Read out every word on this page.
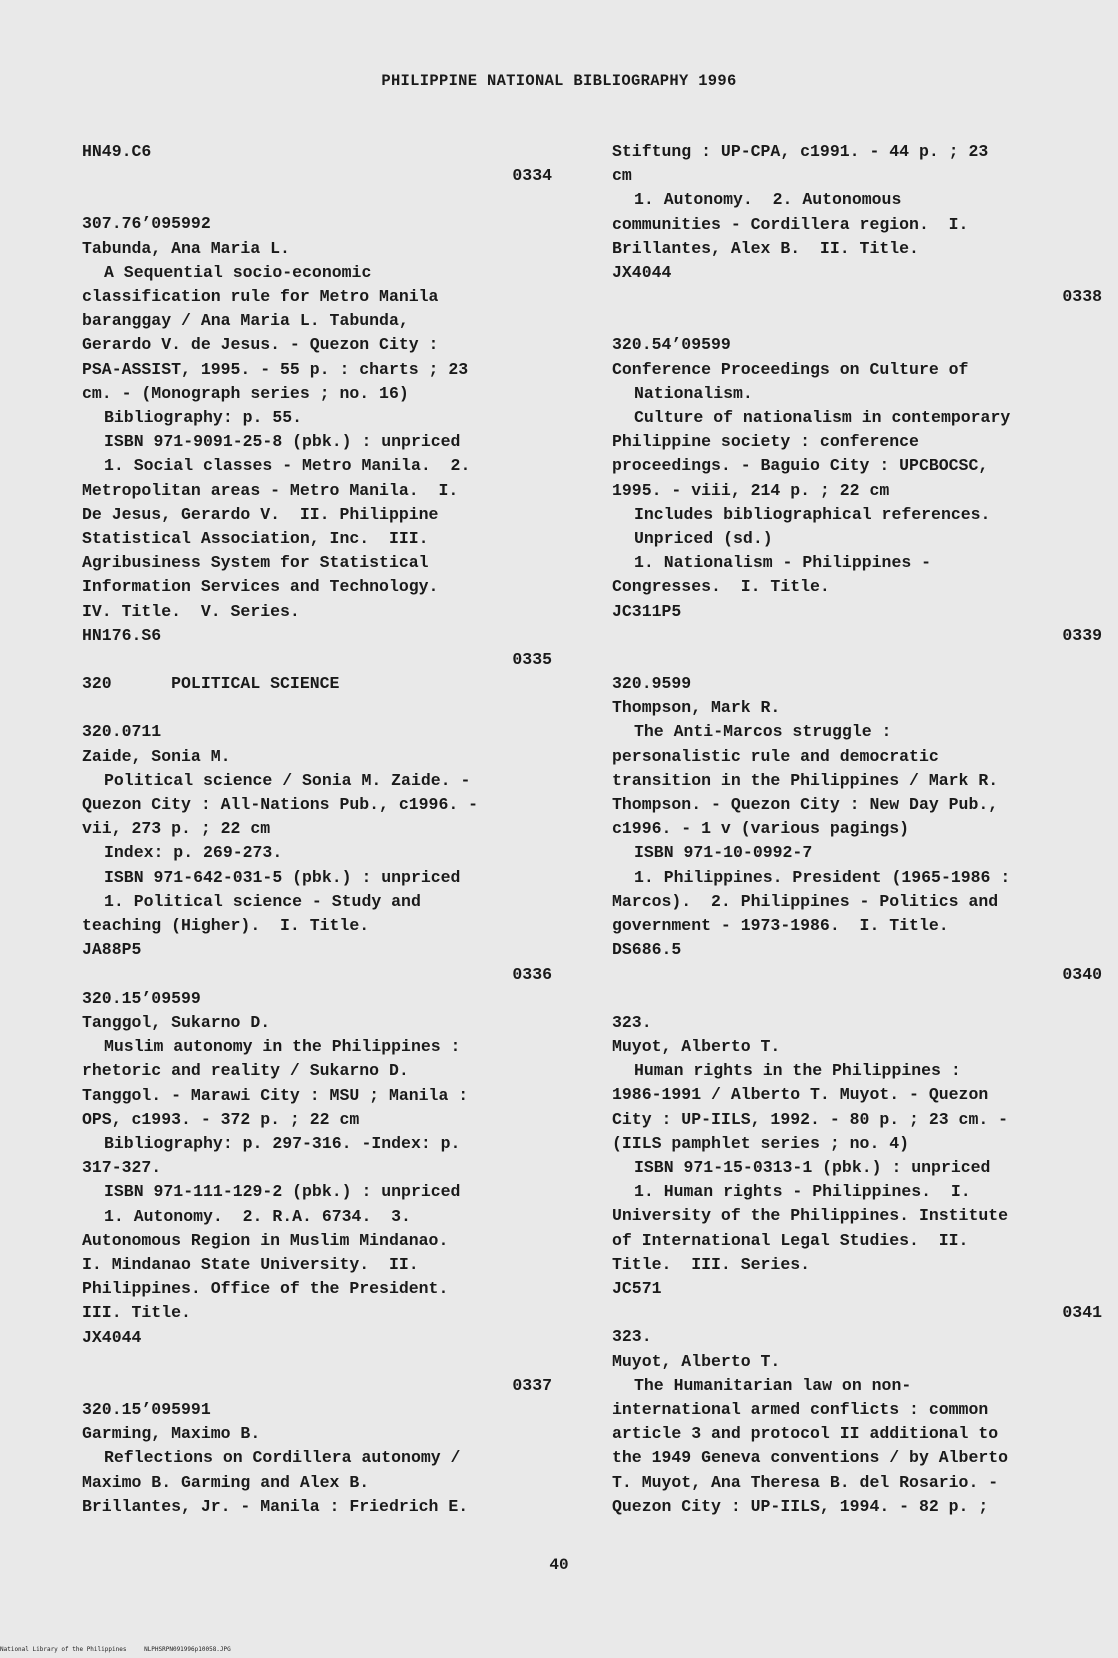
PHILIPPINE NATIONAL BIBLIOGRAPHY 1996
HN49.C6
0334
307.76’095992
Tabunda, Ana Maria L.
A Sequential socio-economic
classification rule for Metro Manila
baranggay / Ana Maria L. Tabunda,
Gerardo V. de Jesus. - Quezon City :
PSA-ASSIST, 1995. - 55 p. : charts ; 23
cm. - (Monograph series ; no. 16)
Bibliography: p. 55.
ISBN 971-9091-25-8 (pbk.) : unpriced
1. Social classes - Metro Manila.  2.
Metropolitan areas - Metro Manila.  I.
De Jesus, Gerardo V.  II. Philippine
Statistical Association, Inc.  III.
Agribusiness System for Statistical
Information Services and Technology.
IV. Title.  V. Series.
HN176.S6
0335
320      POLITICAL SCIENCE
320.0711
Zaide, Sonia M.
Political science / Sonia M. Zaide. -
Quezon City : All-Nations Pub., c1996. -
vii, 273 p. ; 22 cm
Index: p. 269-273.
ISBN 971-642-031-5 (pbk.) : unpriced
1. Political science - Study and
teaching (Higher).  I. Title.
JA88P5
0336
320.15’09599
Tanggol, Sukarno D.
Muslim autonomy in the Philippines :
rhetoric and reality / Sukarno D.
Tanggol. - Marawi City : MSU ; Manila :
OPS, c1993. - 372 p. ; 22 cm
Bibliography: p. 297-316. -Index: p.
317-327.
ISBN 971-111-129-2 (pbk.) : unpriced
1. Autonomy.  2. R.A. 6734.  3.
Autonomous Region in Muslim Mindanao.
I. Mindanao State University.  II.
Philippines. Office of the President.
III. Title.
JX4044
0337
320.15’095991
Garming, Maximo B.
Reflections on Cordillera autonomy /
Maximo B. Garming and Alex B.
Brillantes, Jr. - Manila : Friedrich E.
Stiftung : UP-CPA, c1991. - 44 p. ; 23
cm
1. Autonomy.  2. Autonomous
communities - Cordillera region.  I.
Brillantes, Alex B.  II. Title.
JX4044
0338
320.54’09599
Conference Proceedings on Culture of
Nationalism.
Culture of nationalism in contemporary
Philippine society : conference
proceedings. - Baguio City : UPCBOCSC,
1995. - viii, 214 p. ; 22 cm
Includes bibliographical references.
Unpriced (sd.)
1. Nationalism - Philippines -
Congresses.  I. Title.
JC311P5
0339
320.9599
Thompson, Mark R.
The Anti-Marcos struggle :
personalistic rule and democratic
transition in the Philippines / Mark R.
Thompson. - Quezon City : New Day Pub.,
c1996. - 1 v (various pagings)
ISBN 971-10-0992-7
1. Philippines. President (1965-1986 :
Marcos).  2. Philippines - Politics and
government - 1973-1986.  I. Title.
DS686.5
0340
323.
Muyot, Alberto T.
Human rights in the Philippines :
1986-1991 / Alberto T. Muyot. - Quezon
City : UP-IILS, 1992. - 80 p. ; 23 cm. -
(IILS pamphlet series ; no. 4)
ISBN 971-15-0313-1 (pbk.) : unpriced
1. Human rights - Philippines.  I.
University of the Philippines. Institute
of International Legal Studies.  II.
Title.  III. Series.
JC571
0341
323.
Muyot, Alberto T.
The Humanitarian law on non-
international armed conflicts : common
article 3 and protocol II additional to
the 1949 Geneva conventions / by Alberto
T. Muyot, Ana Theresa B. del Rosario. -
Quezon City : UP-IILS, 1994. - 82 p. ;
40
National Library of the Philippines	NLPHSRPN091996p10058.JPG
